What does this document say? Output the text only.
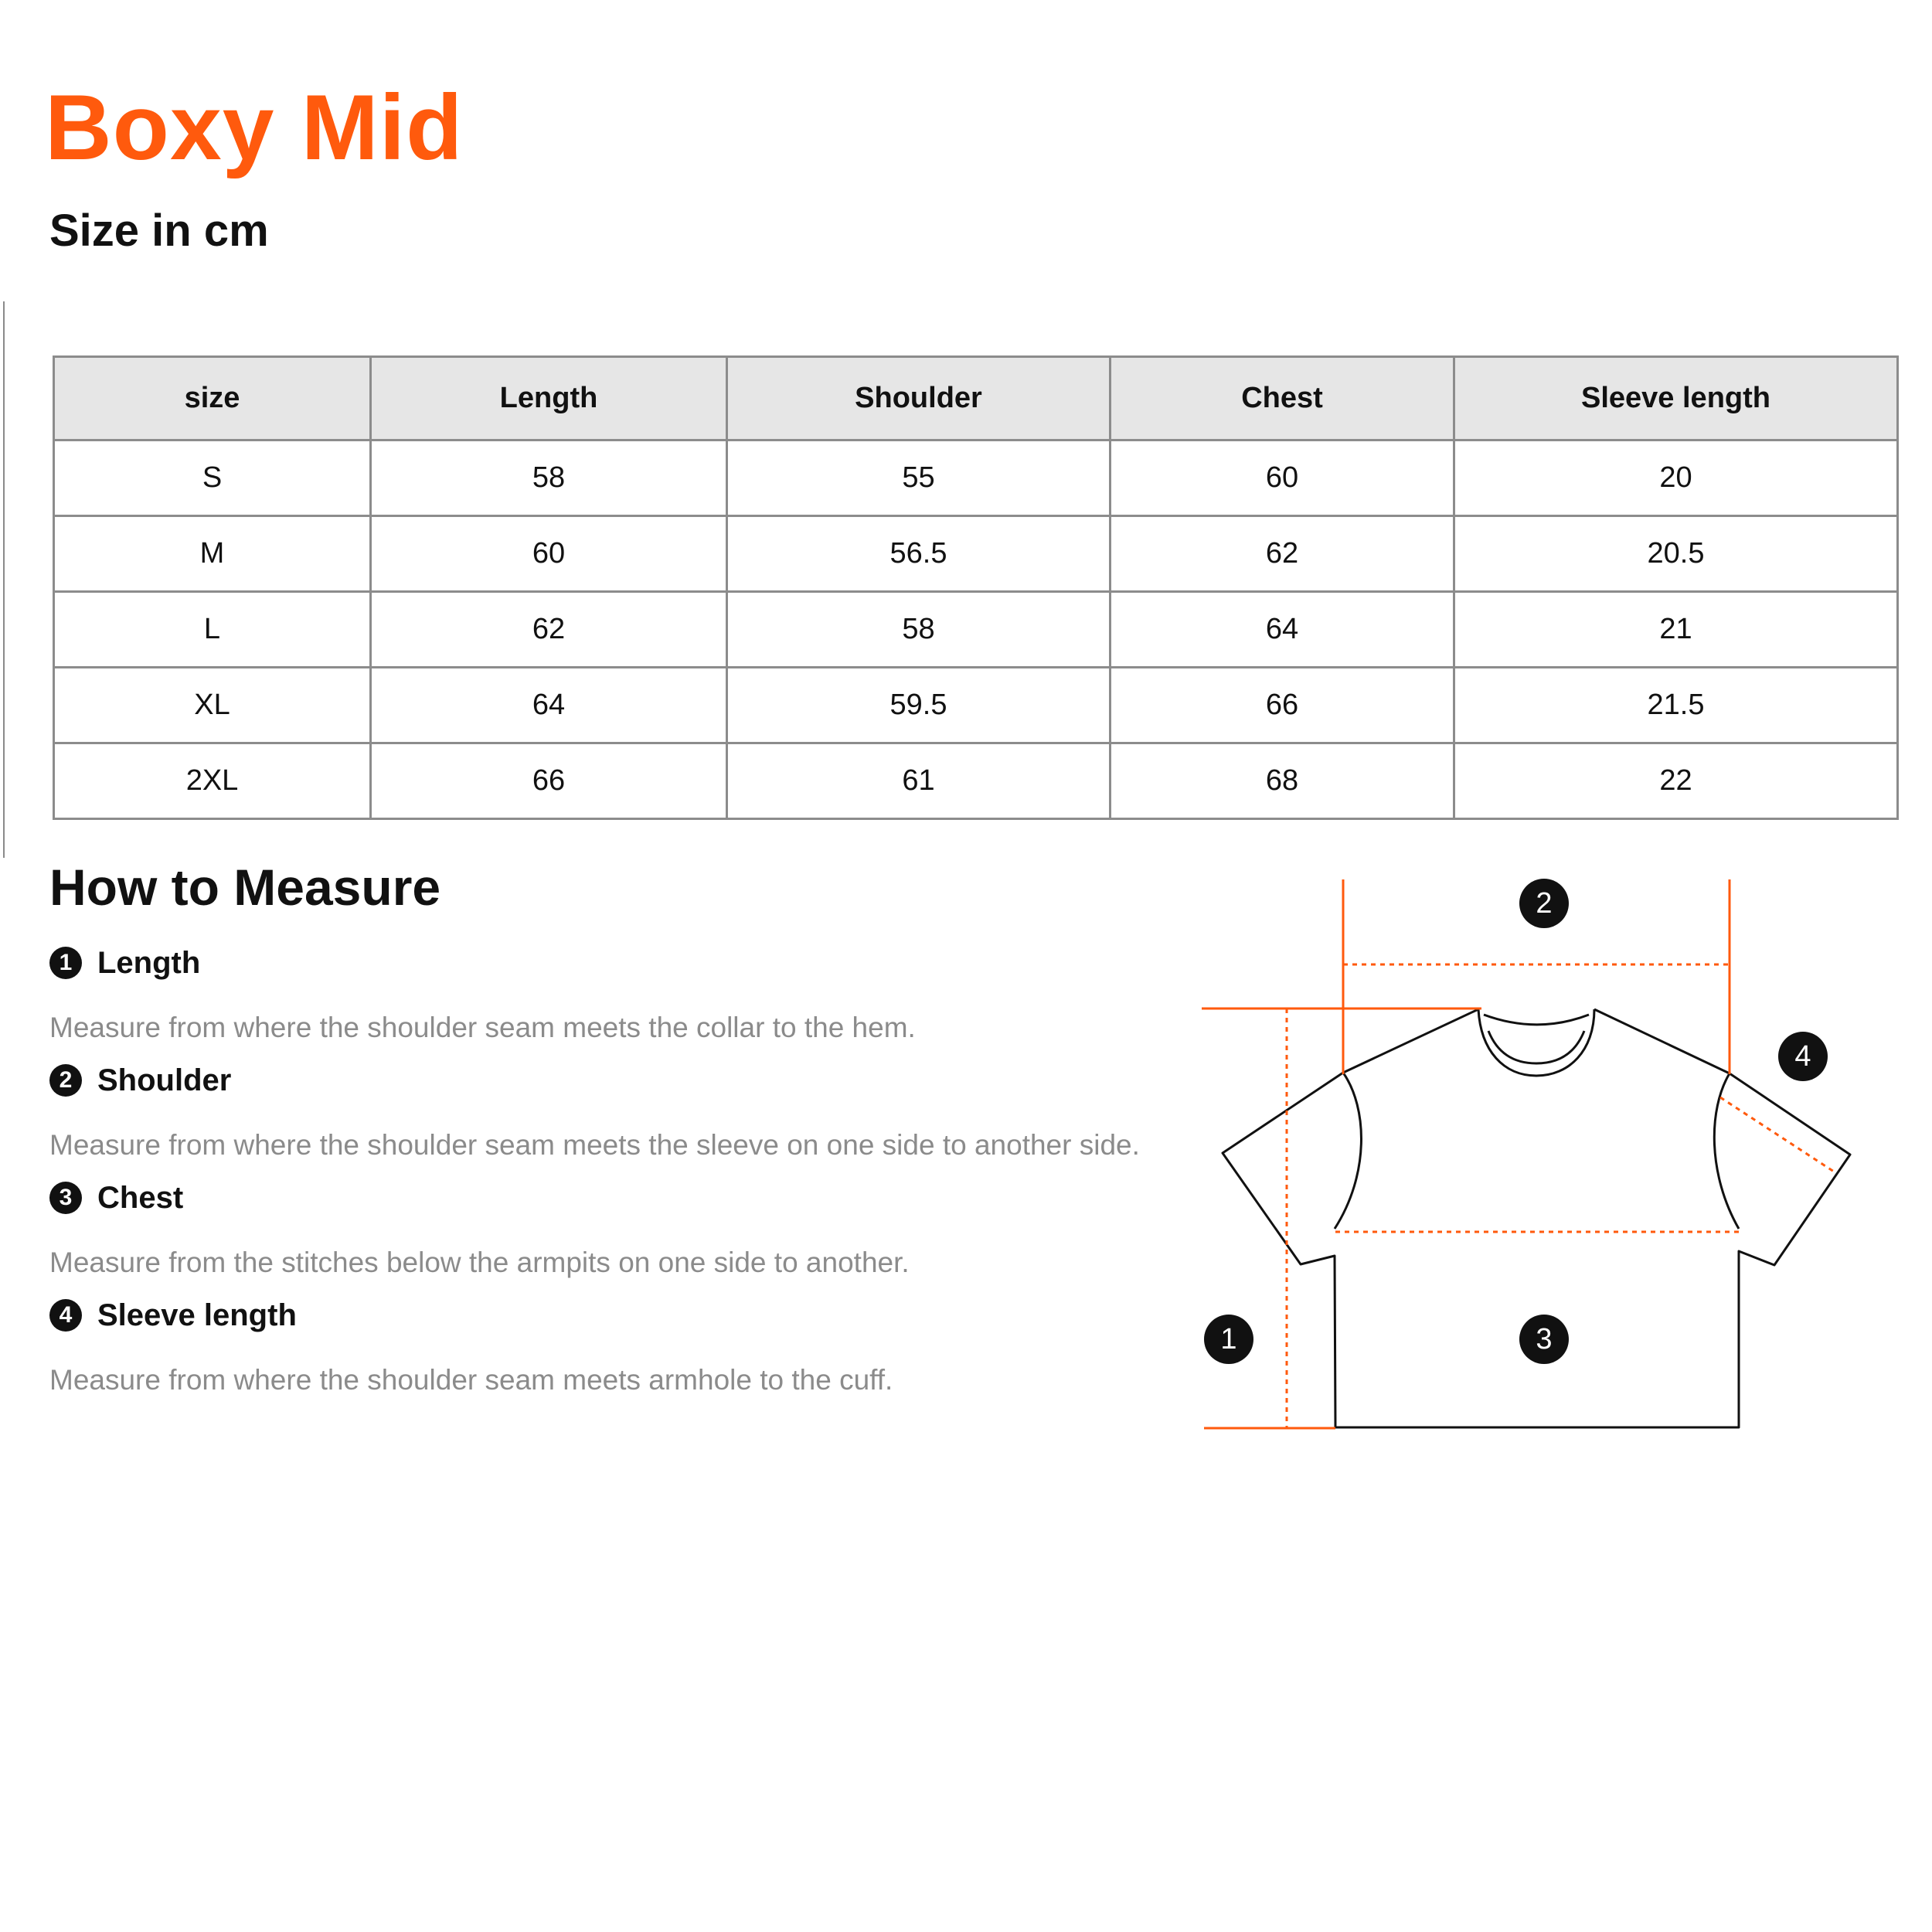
Boxy Mid
Size in cm
size	Length	Shoulder	Chest	Sleeve length
S	58	55	60	20
M	60	56.5	62	20.5
L	62	58	64	21
XL	64	59.5	66	21.5
2XL	66	61	68	22
How to Measure
1 Length
Measure from where the shoulder seam meets the collar to the hem.
2 Shoulder
Measure from where the shoulder seam meets the sleeve on one side to another side.
3 Chest
Measure from the stitches below the armpits on one side to another.
4 Sleeve length
Measure from where the shoulder seam meets armhole to the cuff.
1
2
3
4
